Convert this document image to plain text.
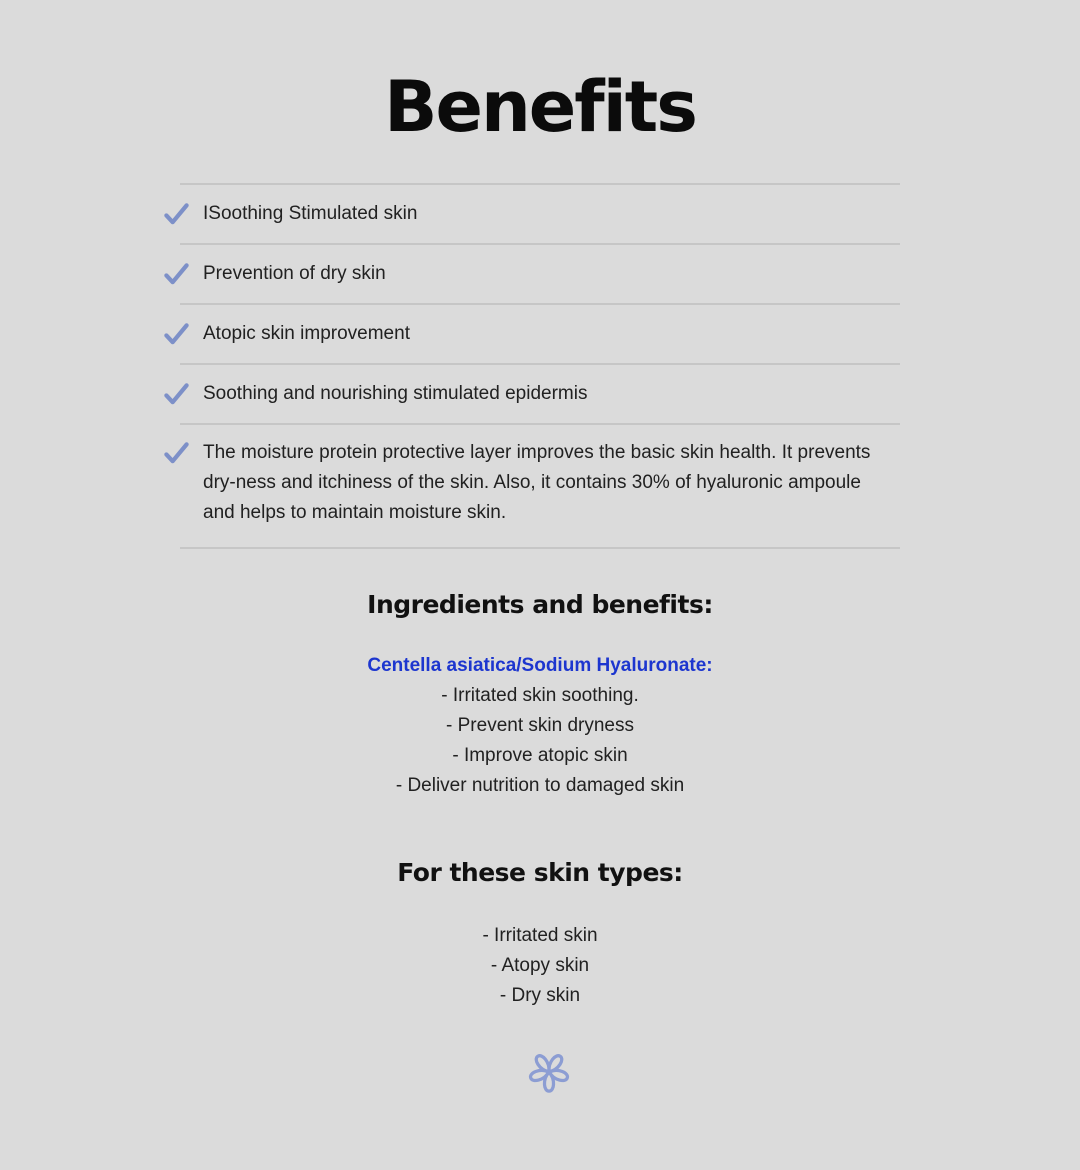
Benefits
ISoothing Stimulated skin
Prevention of dry skin
Atopic skin improvement
Soothing and nourishing stimulated epidermis
The moisture protein protective layer improves the basic skin health. It prevents dry-ness and itchiness of the skin. Also, it contains 30% of hyaluronic ampoule and helps to maintain moisture skin.
Ingredients and benefits:
Centella asiatica/Sodium Hyaluronate:
- Irritated skin soothing.
- Prevent skin dryness
- Improve atopic skin
- Deliver nutrition to damaged skin
For these skin types:
- Irritated skin
- Atopy skin
- Dry skin
